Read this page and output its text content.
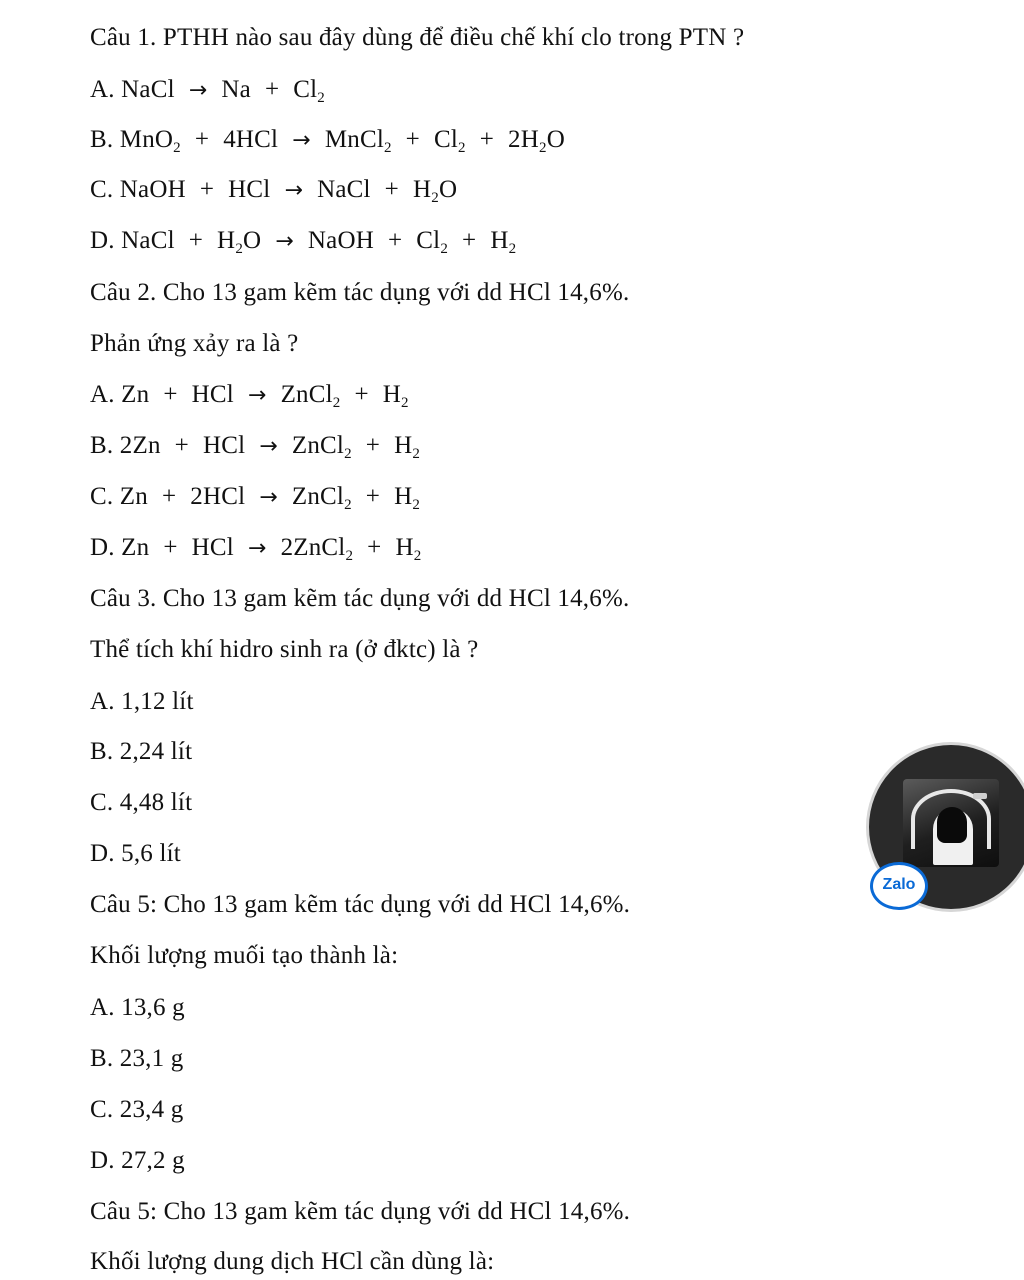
Câu 1. PTHH nào sau đây dùng để điều chế khí clo trong PTN ?
A. NaCl → $Na + Cl_2$
B. MnO$_2$ + 4HCl → MnCl$_2$ + $Cl_2 + 2H_2O$
C. NaOH + HCl → NaCl + $H_2O$
D. NaCl + $H_2O$ → NaOH + $Cl_2 + H_2$
Câu 2. Cho 13 gam kẽm tác dụng với dd HCl 14,6%.
Phản ứng xảy ra là ?
A. Zn + HCl → ZnCl$_2$ + $H_2$
B. 2Zn + HCl → ZnCl$_2$ + $H_2$
C. Zn + 2HCl → ZnCl$_2$ + $H_2$
D. Zn + HCl → 2ZnCl$_2$ + $H_2$
Câu 3. Cho 13 gam kẽm tác dụng với dd HCl 14,6%.
Thể tích khí hidro sinh ra (ở đktc) là ?
A. 1,12 lít
B. 2,24 lít
C. 4,48 lít
D. 5,6 lít
Câu 5: Cho 13 gam kẽm tác dụng với dd HCl 14,6%.
Khối lượng muối tạo thành là:
A. 13,6 g
B. 23,1 g
C. 23,4 g
D. 27,2 g
Câu 5: Cho 13 gam kẽm tác dụng với dd HCl 14,6%.
Khối lượng dung dịch HCl cần dùng là:
Zalo
